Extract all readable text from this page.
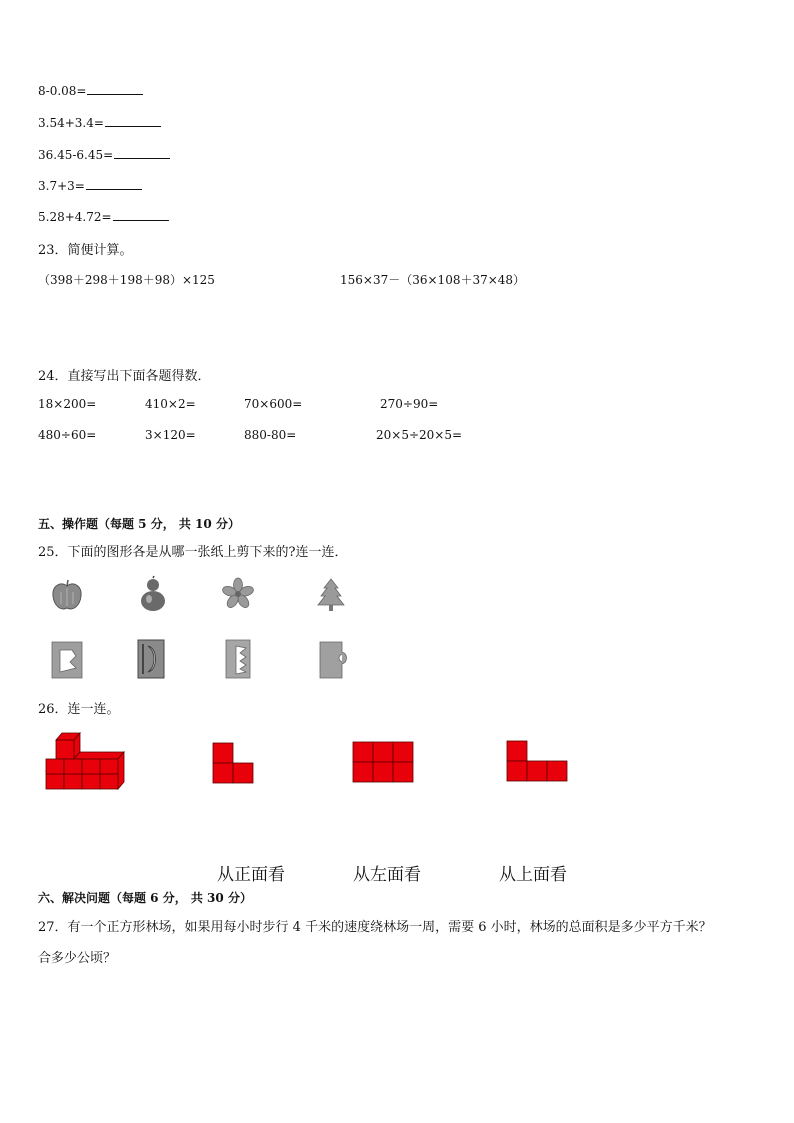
8-0.08=
3.54+3.4=
36.45-6.45=
3.7+3=
5.28+4.72=
23．简便计算。
（398＋298＋198＋98）×125	156×37－（36×108＋37×48）
24．直接写出下面各题得数．
18×200=	410×2=	70×600=	270÷90=
480÷60=	3×120=	880-80=	20×5÷20×5=
五、操作题（每题 5 分， 共 10 分）
25．下面的图形各是从哪一张纸上剪下来的?连一连．
26．连一连。
从正面看	从左面看	从上面看
六、解决问题（每题 6 分， 共 30 分）
27．有一个正方形林场，如果用每小时步行 4 千米的速度绕林场一周，需要 6 小时，林场的总面积是多少平方千米？
合多少公顷？
